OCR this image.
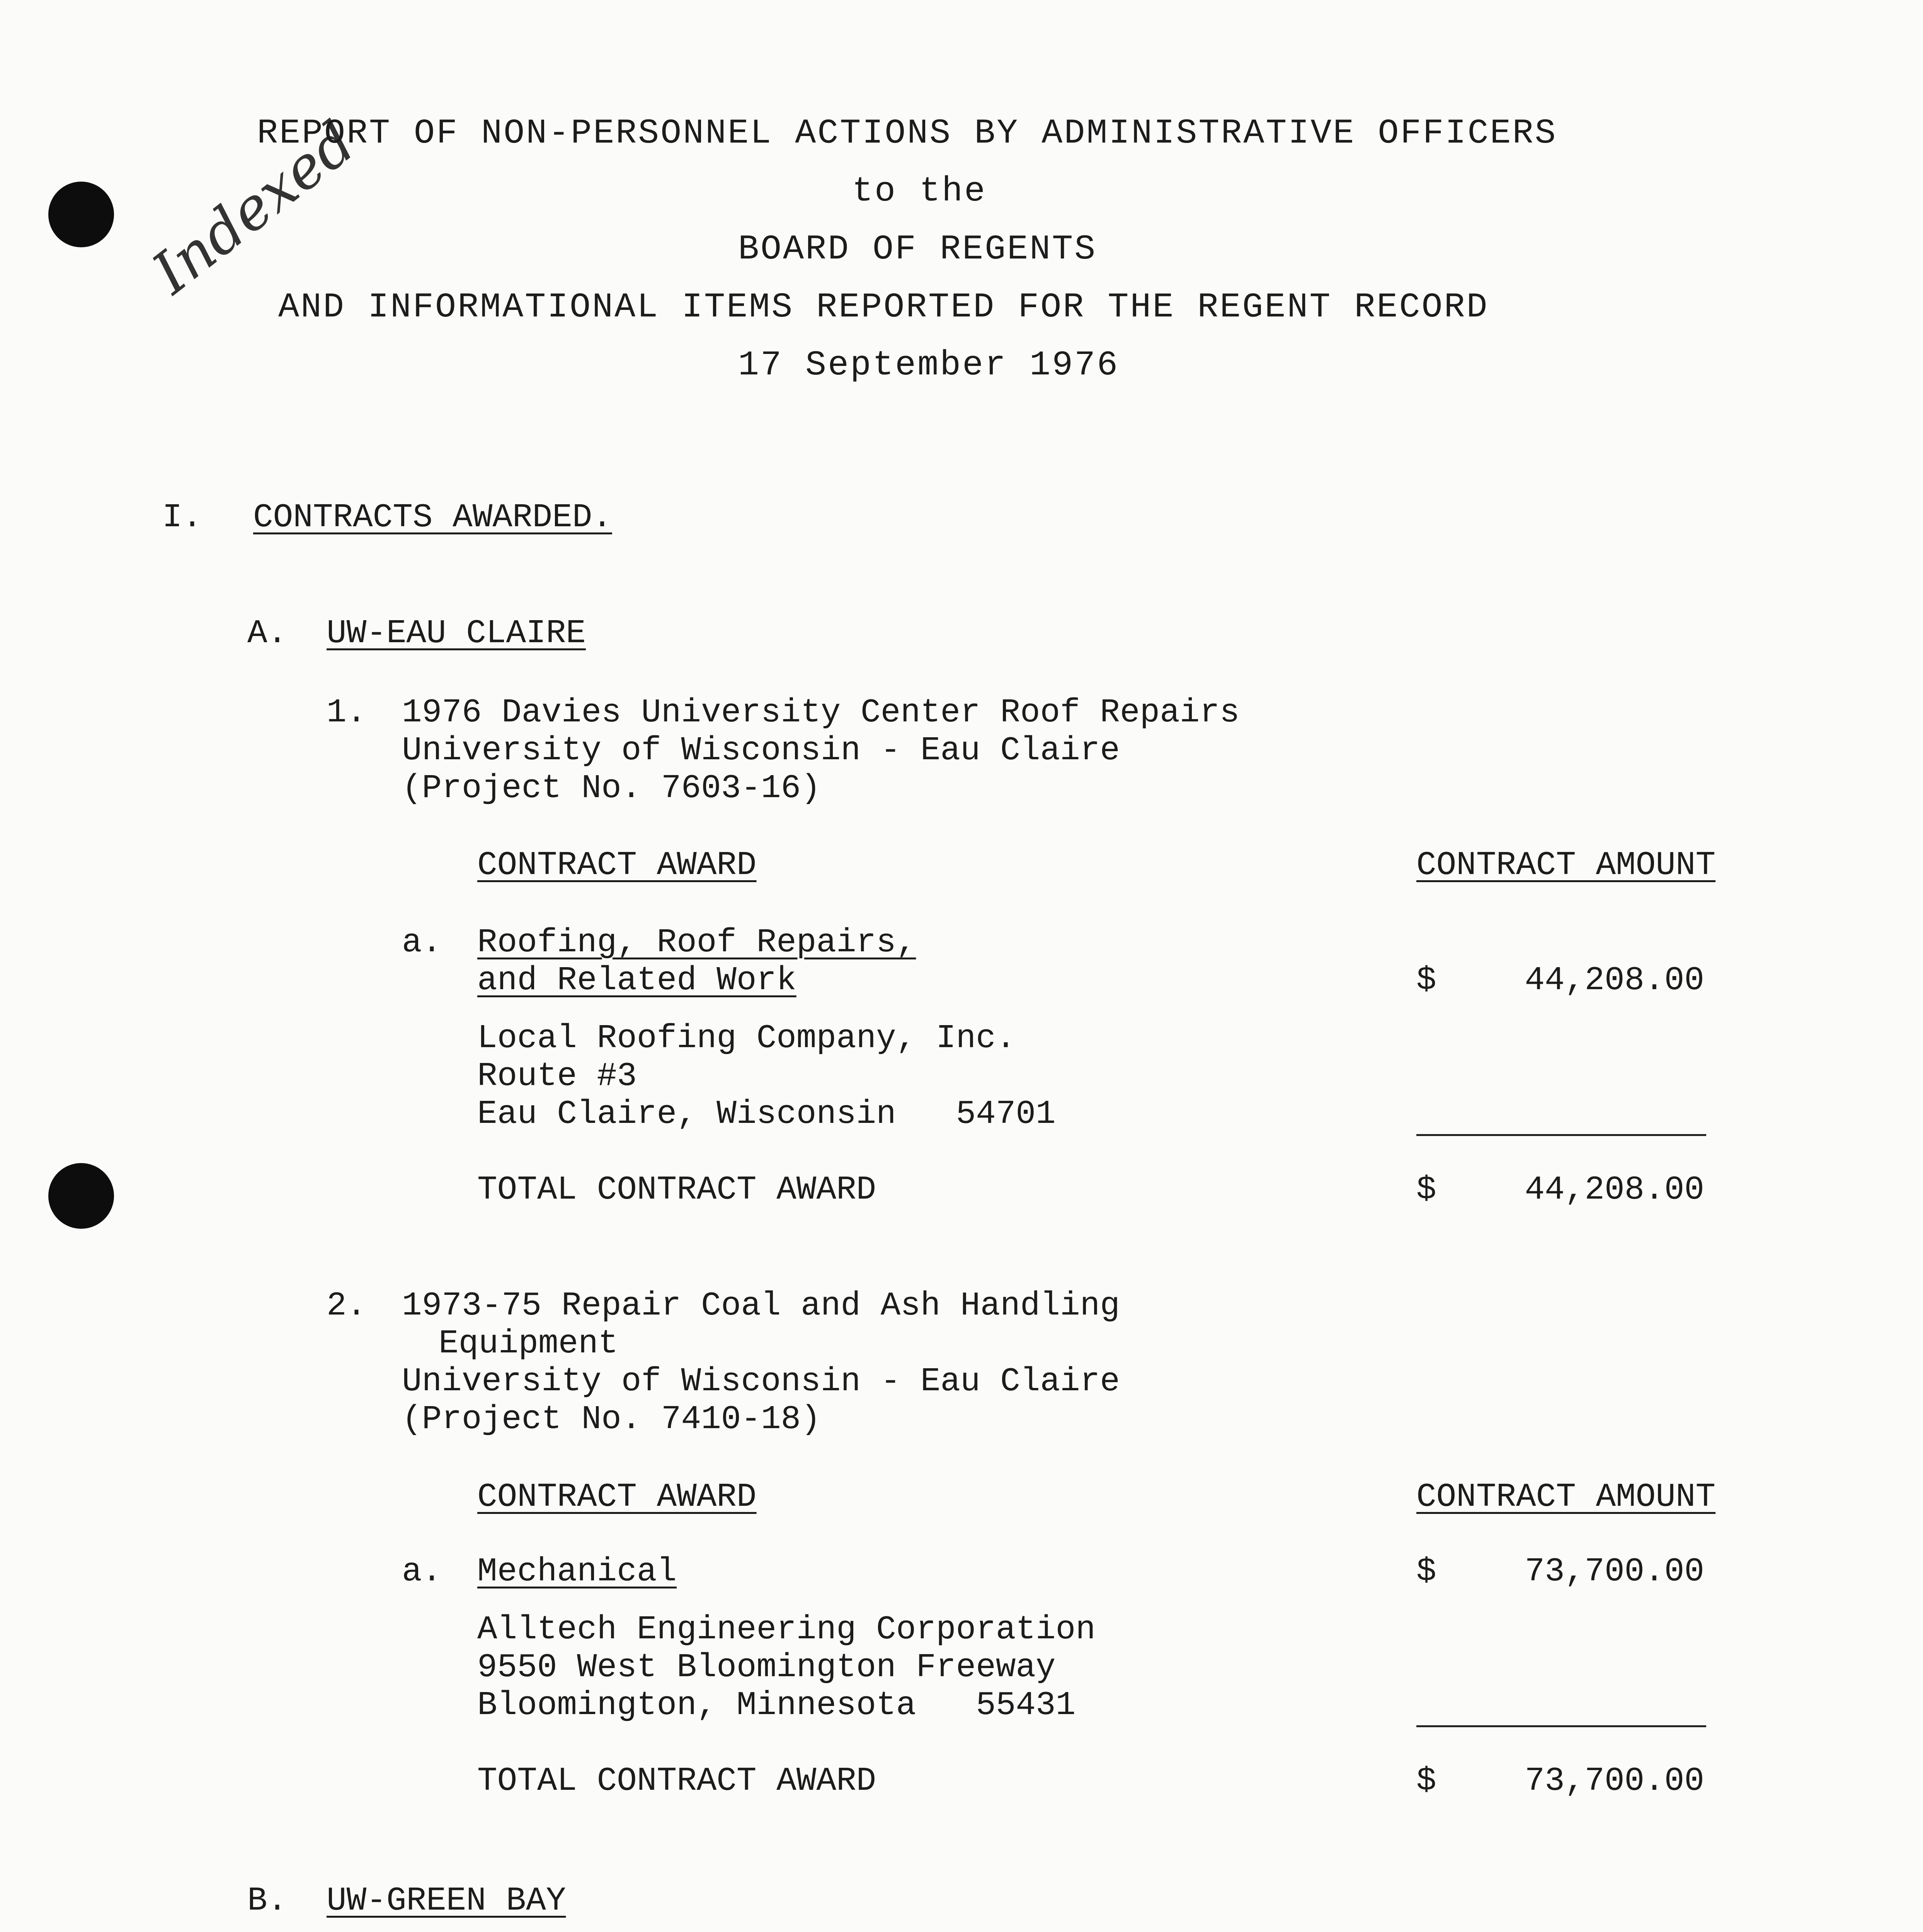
Indexed
REPORT OF NON-PERSONNEL ACTIONS BY ADMINISTRATIVE OFFICERS
to the
BOARD OF REGENTS
AND INFORMATIONAL ITEMS REPORTED FOR THE REGENT RECORD
17 September 1976
I. CONTRACTS AWARDED.
A. UW-EAU CLAIRE
1. 1976 Davies University Center Roof Repairs
University of Wisconsin - Eau Claire
(Project No. 7603-16)
CONTRACT AWARD	CONTRACT AMOUNT
a. Roofing, Roof Repairs,
and Related Work	$	44,208.00
Local Roofing Company, Inc.
Route #3
Eau Claire, Wisconsin   54701
TOTAL CONTRACT AWARD	$	44,208.00
2. 1973-75 Repair Coal and Ash Handling
Equipment
University of Wisconsin - Eau Claire
(Project No. 7410-18)
CONTRACT AWARD	CONTRACT AMOUNT
a. Mechanical	$	73,700.00
Alltech Engineering Corporation
9550 West Bloomington Freeway
Bloomington, Minnesota   55431
TOTAL CONTRACT AWARD	$	73,700.00
B. UW-GREEN BAY
